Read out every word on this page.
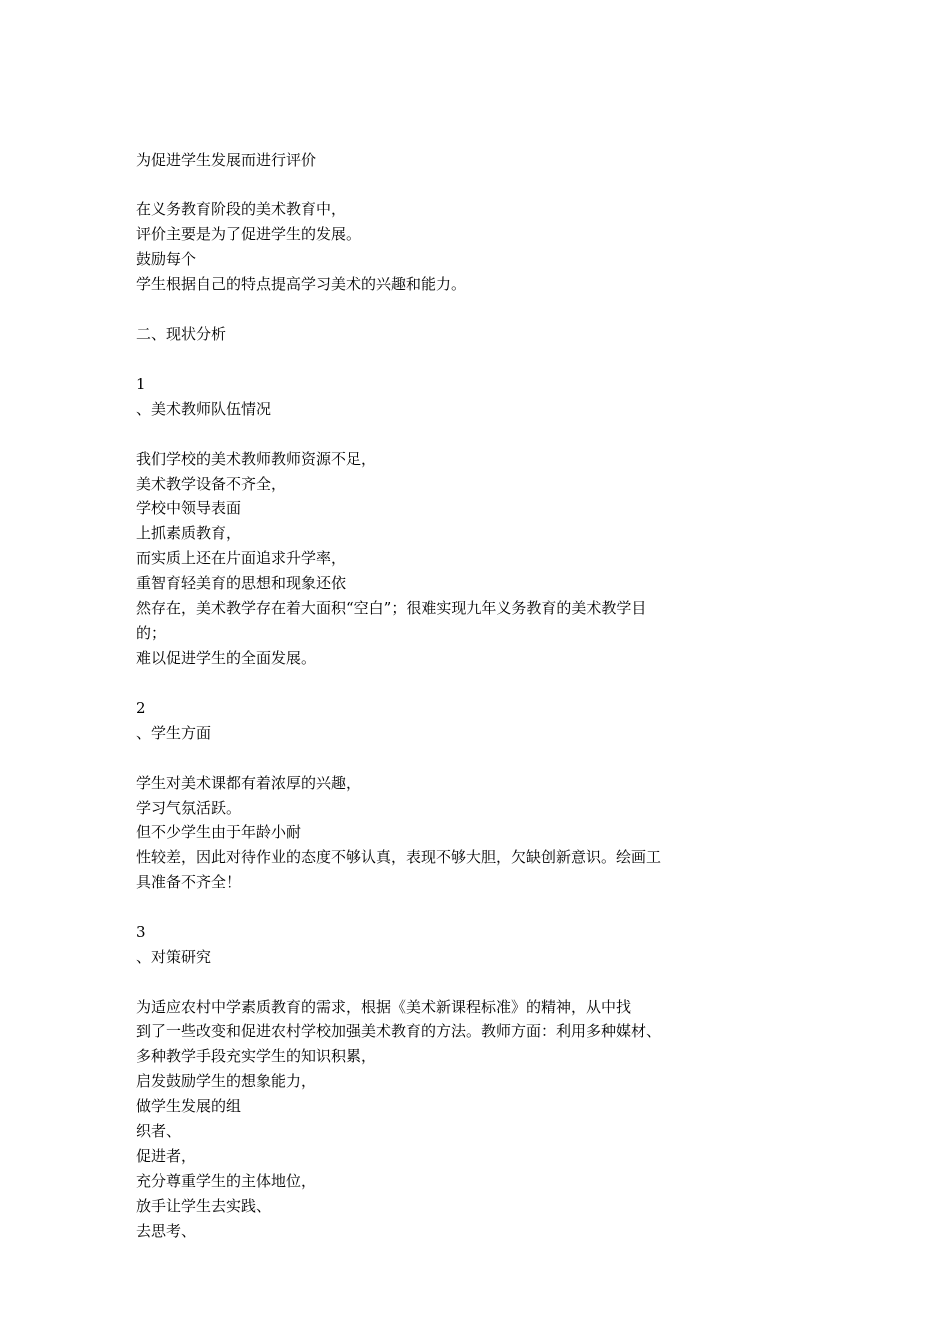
为促进学生发展而进行评价
在义务教育阶段的美术教育中，
评价主要是为了促进学生的发展。
鼓励每个
学生根据自己的特点提高学习美术的兴趣和能力。
二、现状分析
1
、美术教师队伍情况
我们学校的美术教师教师资源不足，
美术教学设备不齐全，
学校中领导表面
上抓素质教育，
而实质上还在片面追求升学率，
重智育轻美育的思想和现象还依
然存在，美术教学存在着大面积“空白”；很难实现九年义务教育的美术教学目
的；
难以促进学生的全面发展。
2
、学生方面
学生对美术课都有着浓厚的兴趣，
学习气氛活跃。
但不少学生由于年龄小耐
性较差，因此对待作业的态度不够认真，表现不够大胆，欠缺创新意识。绘画工
具准备不齐全！
3
、对策研究
为适应农村中学素质教育的需求，根据《美术新课程标准》的精神，从中找
到了一些改变和促进农村学校加强美术教育的方法。教师方面：利用多种媒材、
多种教学手段充实学生的知识积累，
启发鼓励学生的想象能力，
做学生发展的组
织者、
促进者，
充分尊重学生的主体地位，
放手让学生去实践、
去思考、
